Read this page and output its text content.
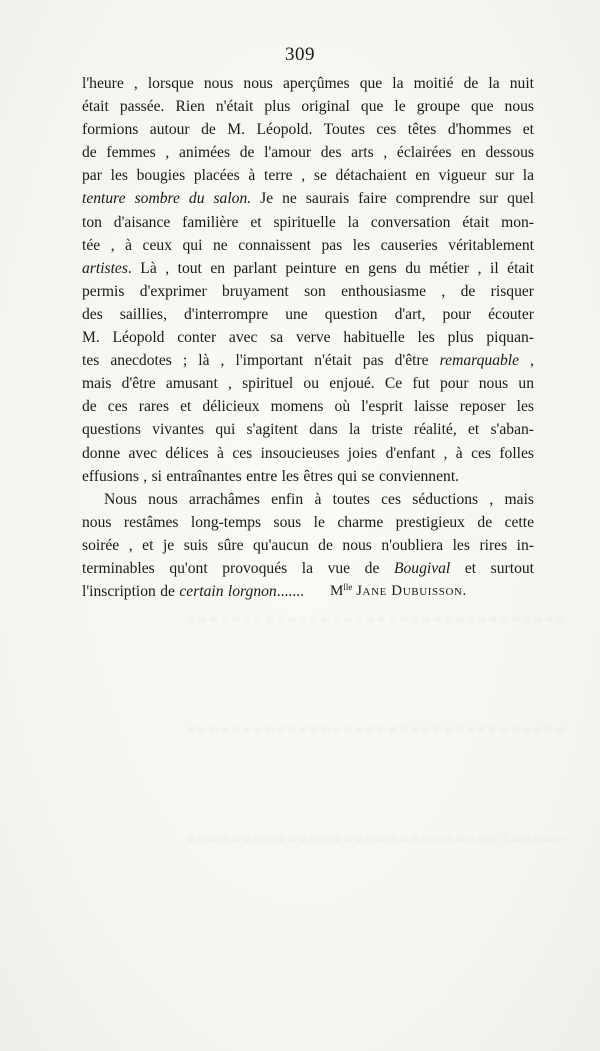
≈ ≈ ≈ ≈ ≈ ≈ ≈ ≈ ≈ ≈ ≈ ≈ ≈ ≈ ≈ ≈ ≈ ≈ ≈ ≈ ≈ ≈ ≈ ≈ ≈ ≈ ≈ ≈ ≈ ≈ ≈ ≈ ≈ ≈
≈ ≈ ≈ ≈ ≈ ≈ ≈ ≈ ≈ ≈ ≈ ≈ ≈ ≈ ≈ ≈ ≈ ≈ ≈ ≈ ≈ ≈ ≈ ≈ ≈ ≈ ≈ ≈ ≈ ≈ ≈ ≈ ≈ ≈
≈ ≈ ≈ ≈ ≈ ≈ ≈ ≈ ≈ ≈ ≈ ≈ ≈ ≈ ≈ ≈ ≈ ≈ ≈ ≈ ≈ ≈ ≈ ≈ ≈ ≈ ≈ ≈ ≈ ≈ ≈ ≈ ≈ ≈
309
l'heure , lorsque nous nous aperçûmes que la moitié de la nuit
était passée. Rien n'était plus original que le groupe que nous
formions autour de M. Léopold. Toutes ces têtes d'hommes et
de femmes , animées de l'amour des arts , éclairées en dessous
par les bougies placées à terre , se détachaient en vigueur sur la
tenture sombre du salon. Je ne saurais faire comprendre sur quel
ton d'aisance familière et spirituelle la conversation était mon-
tée , à ceux qui ne connaissent pas les causeries véritablement
artistes. Là , tout en parlant peinture en gens du métier , il était
permis d'exprimer bruyament son enthousiasme , de risquer
des saillies, d'interrompre une question d'art, pour écouter
M. Léopold conter avec sa verve habituelle les plus piquan-
tes anecdotes ; là , l'important n'était pas d'être remarquable ,
mais d'être amusant , spirituel ou enjoué. Ce fut pour nous un
de ces rares et délicieux momens où l'esprit laisse reposer les
questions vivantes qui s'agitent dans la triste réalité, et s'aban-
donne avec délices à ces insoucieuses joies d'enfant , à ces folles
effusions , si entraînantes entre les êtres qui se conviennent.
Nous nous arrachâmes enfin à toutes ces séductions , mais
nous restâmes long-temps sous le charme prestigieux de cette
soirée , et je suis sûre qu'aucun de nous n'oubliera les rires in-
terminables qu'ont provoqués la vue de Bougival et surtout
l'inscription de certain lorgnon.......	$M^{lle}$ Jane Dubuisson.
